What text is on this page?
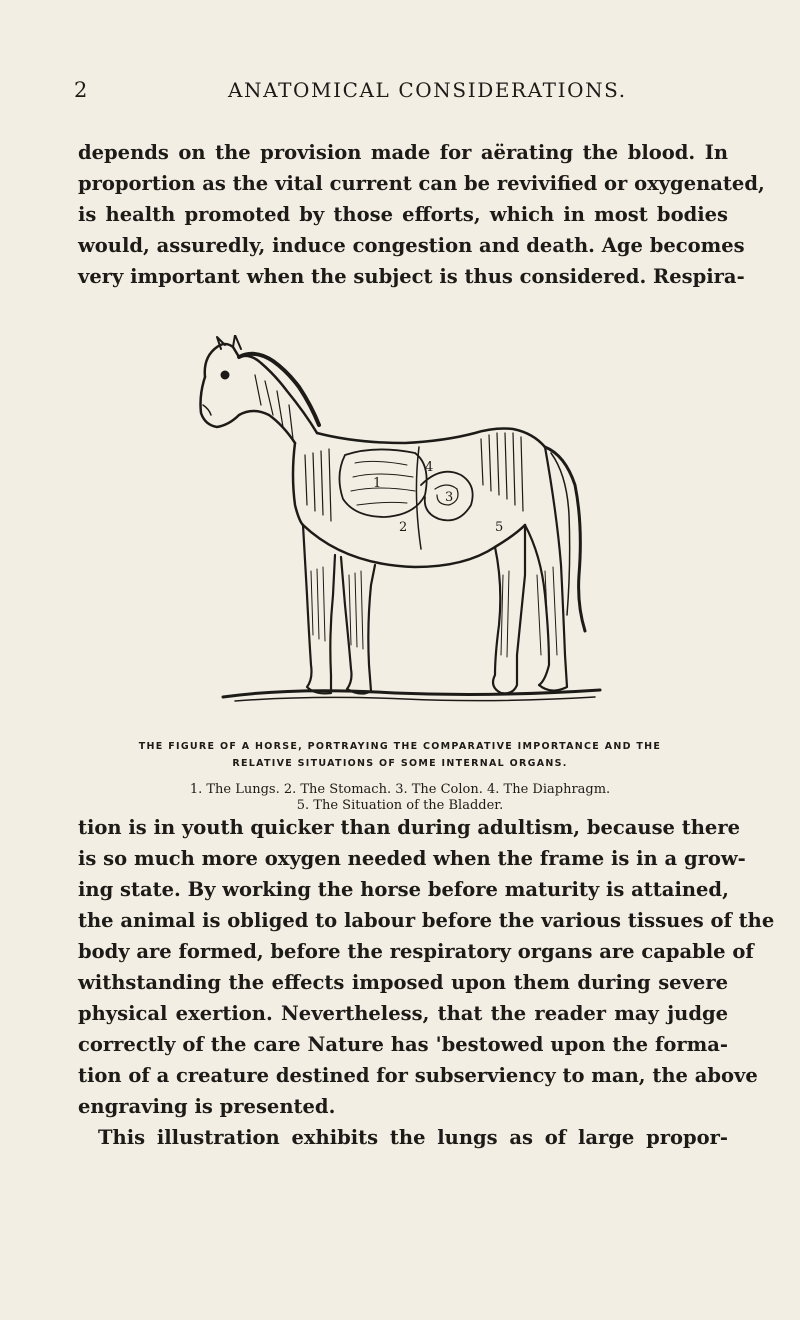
2	ANATOMICAL CONSIDERATIONS.
depends on the provision made for aërating the blood. In
proportion as the vital current can be revivified or oxygenated,
is health promoted by those efforts, which in most bodies
would, assuredly, induce congestion and death. Age becomes
very important when the subject is thus considered. Respira-
1
2
3
4
5
THE FIGURE OF A HORSE, PORTRAYING THE COMPARATIVE IMPORTANCE AND THE
RELATIVE SITUATIONS OF SOME INTERNAL ORGANS.
1. The Lungs. 2. The Stomach. 3. The Colon. 4. The Diaphragm.
5. The Situation of the Bladder.
tion is in youth quicker than during adultism, because there
is so much more oxygen needed when the frame is in a grow-
ing state. By working the horse before maturity is attained,
the animal is obliged to labour before the various tissues of the
body are formed, before the respiratory organs are capable of
withstanding the effects imposed upon them during severe
physical exertion. Nevertheless, that the reader may judge
correctly of the care Nature has 'bestowed upon the forma-
tion of a creature destined for subserviency to man, the above
engraving is presented.
This illustration exhibits the lungs as of large propor-
